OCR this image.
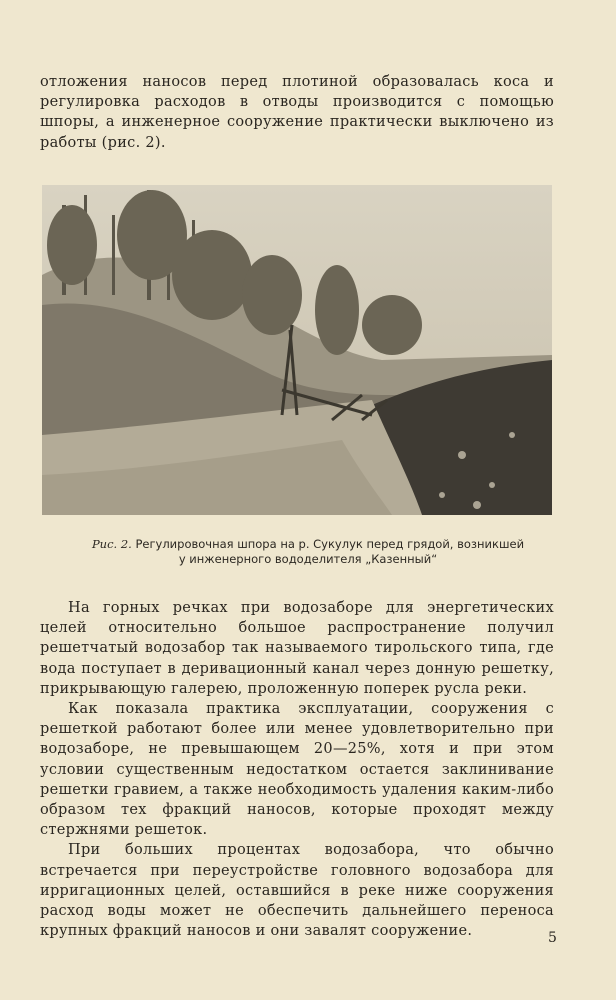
отложения наносов перед плотиной образовалась коса и регулировка расходов в отводы производится с помощью шпоры, а инженерное сооружение практически выключено из работы (рис. 2).

Рис. 2. Регулировочная шпора на р. Сукулук перед грядой, возникшей
у инженерного вододелителя „Казенный“

На горных речках при водозаборе для энергетических целей относительно большое распространение получил решетчатый водозабор так называемого тирольского типа, где вода поступает в деривационный канал через донную решетку, прикрывающую галерею, проложенную поперек русла реки.

Как показала практика эксплуатации, сооружения с решеткой работают более или менее удовлетворительно при водозаборе, не превышающем 20—25%, хотя и при этом условии существенным недостатком остается заклинивание решетки гравием, а также необходимость удаления каким-либо образом тех фракций наносов, которые проходят между стержнями решеток.

При больших процентах водозабора, что обычно встречается при переустройстве головного водозабора для ирригационных целей, оставшийся в реке ниже сооружения расход воды может не обеспечить дальнейшего переноса крупных фракций наносов и они завалят сооружение.	5
